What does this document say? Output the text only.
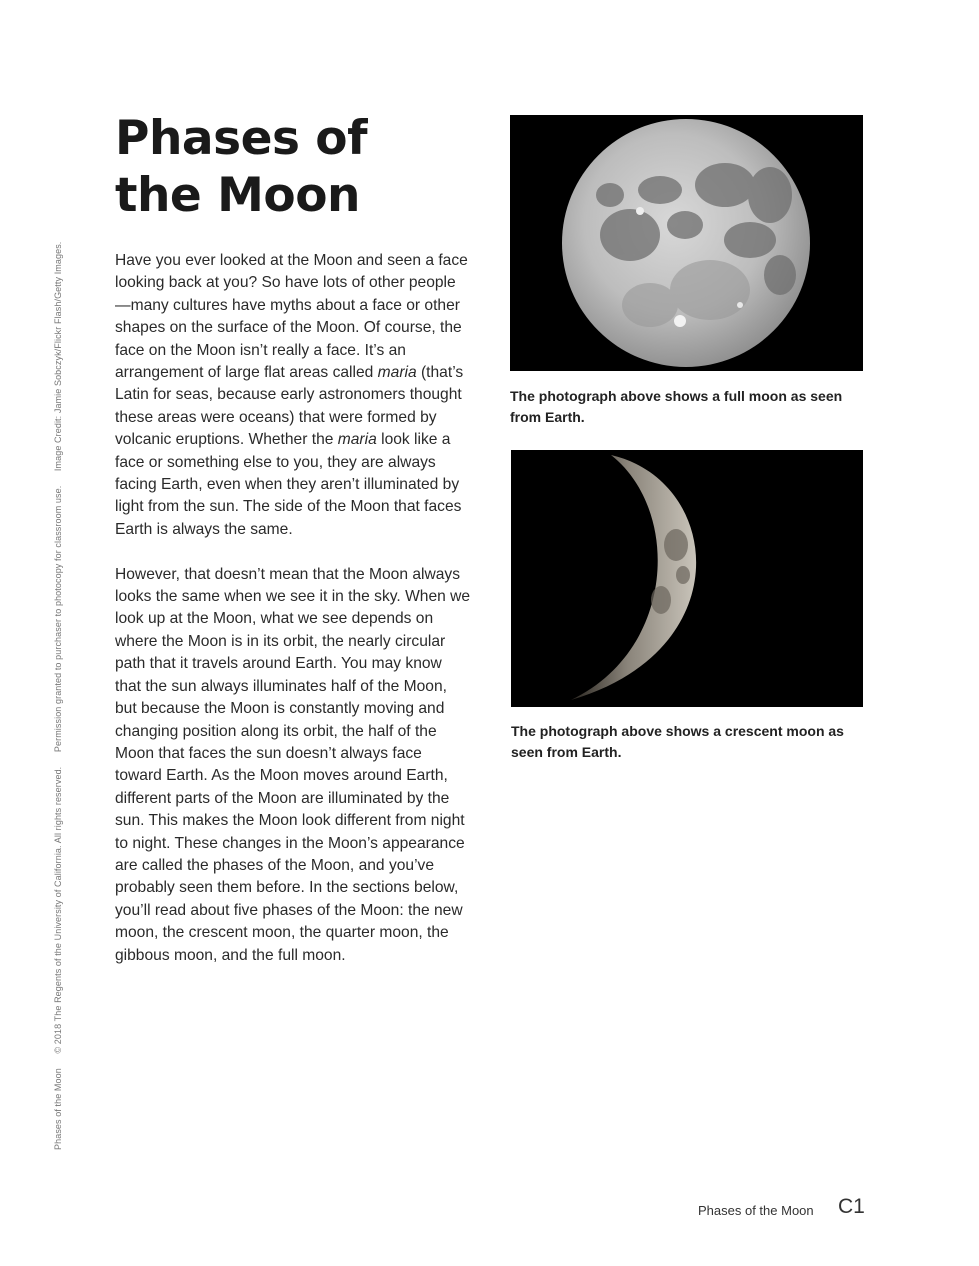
Phases of the Moon © 2018 The Regents of the University of California. All rights reserved. Permission granted to purchaser to photocopy for classroom use. Image Credit: Jamie Sobczyk/Flickr Flash/Getty Images.
Phases of
the Moon

Have you ever looked at the Moon and seen a face looking back at you? So have lots of other people—many cultures have myths about a face or other shapes on the surface of the Moon. Of course, the face on the Moon isn’t really a face. It’s an arrangement of large flat areas called maria (that’s Latin for seas, because early astronomers thought these areas were oceans) that were formed by volcanic eruptions. Whether the maria look like a face or something else to you, they are always facing Earth, even when they aren’t illuminated by light from the sun. The side of the Moon that faces Earth is always the same.

However, that doesn’t mean that the Moon always looks the same when we see it in the sky. When we look up at the Moon, what we see depends on where the Moon is in its orbit, the nearly circular path that it travels around Earth. You may know that the sun always illuminates half of the Moon, but because the Moon is constantly moving and changing position along its orbit, the half of the Moon that faces the sun doesn’t always face toward Earth. As the Moon moves around Earth, different parts of the Moon are illuminated by the sun. This makes the Moon look different from night to night. These changes in the Moon’s appearance are called the phases of the Moon, and you’ve probably seen them before. In the sections below, you’ll read about five phases of the Moon: the new moon, the crescent moon, the quarter moon, the gibbous moon, and the full moon.

The photograph above shows a full moon as seen from Earth.
The photograph above shows a crescent moon as seen from Earth.
Phases of the Moon C1
